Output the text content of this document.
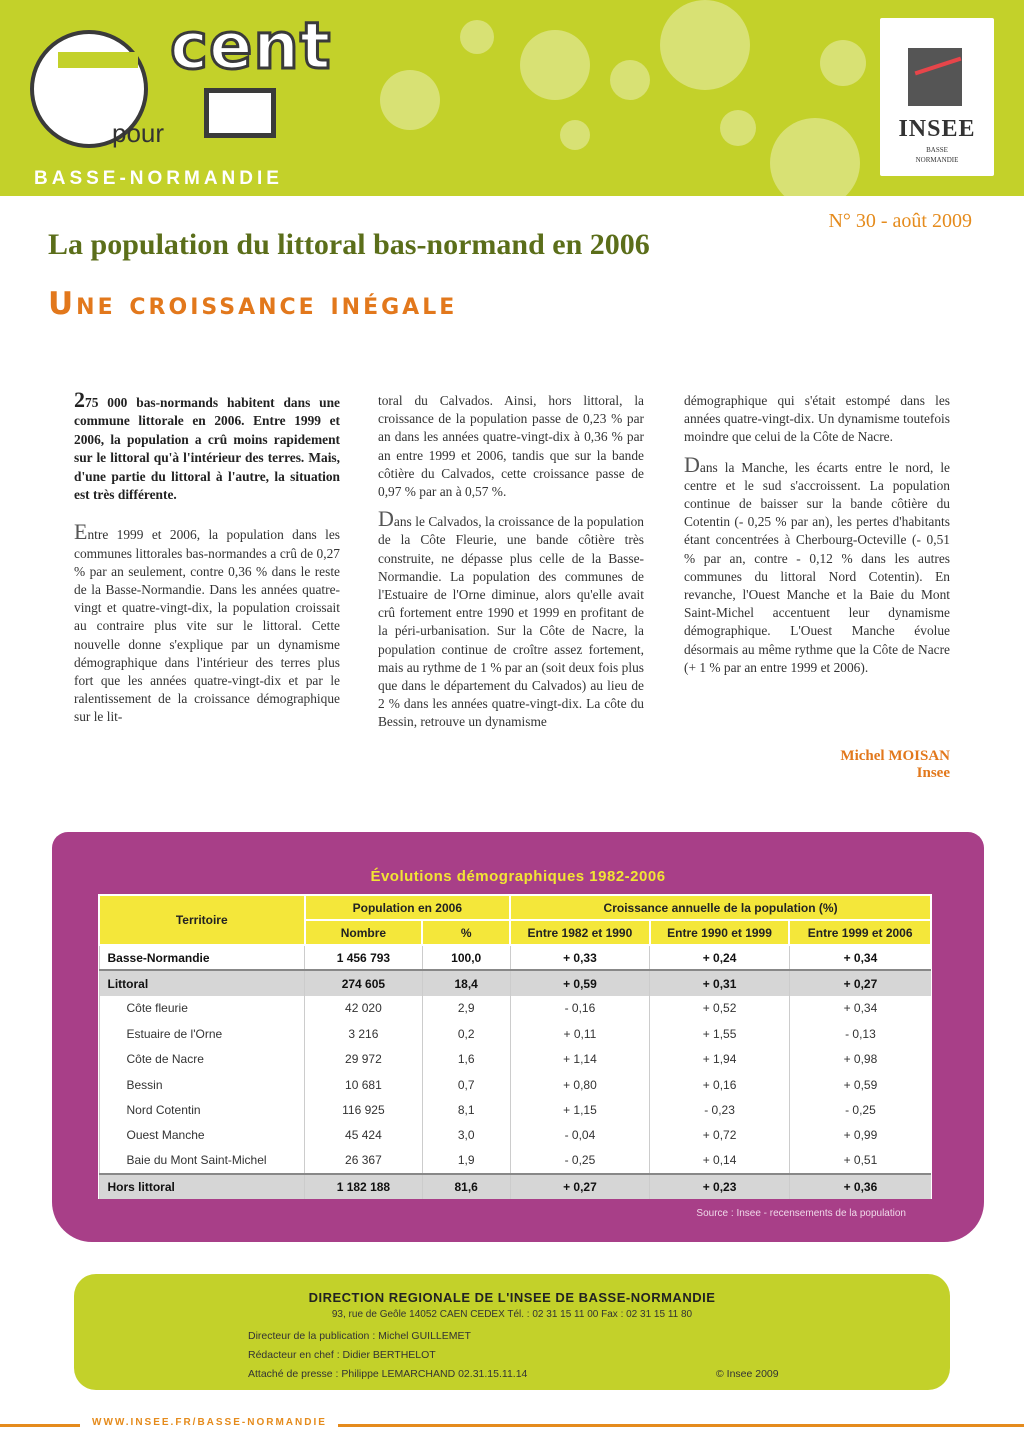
cent
pour
BASSE-NORMANDIE
INSEE
BASSE
NORMANDIE
N° 30 - août 2009
La population du littoral bas-normand en 2006
Une croissance inégale

275 000 bas-normands habitent dans une commune littorale en 2006. Entre 1999 et 2006, la population a crû moins rapidement sur le littoral qu'à l'intérieur des terres. Mais, d'une partie du littoral à l'autre, la situation est très différente.

Entre 1999 et 2006, la population dans les communes littorales bas-normandes a crû de 0,27 % par an seulement, contre 0,36 % dans le reste de la Basse-Normandie. Dans les années quatre-vingt et quatre-vingt-dix, la population croissait au contraire plus vite sur le littoral. Cette nouvelle donne s'explique par un dynamisme démographique dans l'intérieur des terres plus fort que les années quatre-vingt-dix et par le ralentissement de la croissance démographique sur le lit-

toral du Calvados. Ainsi, hors littoral, la croissance de la population passe de 0,23 % par an dans les années quatre-vingt-dix à 0,36 % par an entre 1999 et 2006, tandis que sur la bande côtière du Calvados, cette croissance passe de 0,97 % par an à 0,57 %.

Dans le Calvados, la croissance de la population de la Côte Fleurie, une bande côtière très construite, ne dépasse plus celle de la Basse-Normandie. La population des communes de l'Estuaire de l'Orne diminue, alors qu'elle avait crû fortement entre 1990 et 1999 en profitant de la péri-urbanisation. Sur la Côte de Nacre, la population continue de croître assez fortement, mais au rythme de 1 % par an (soit deux fois plus que dans le département du Calvados) au lieu de 2 % dans les années quatre-vingt-dix. La côte du Bessin, retrouve un dynamisme

démographique qui s'était estompé dans les années quatre-vingt-dix. Un dynamisme toutefois moindre que celui de la Côte de Nacre.

Dans la Manche, les écarts entre le nord, le centre et le sud s'accroissent. La population continue de baisser sur la bande côtière du Cotentin (- 0,25 % par an), les pertes d'habitants étant concentrées à Cherbourg-Octeville (- 0,51 % par an, contre - 0,12 % dans les autres communes du littoral Nord Cotentin). En revanche, l'Ouest Manche et la Baie du Mont Saint-Michel accentuent leur dynamisme démographique. L'Ouest Manche évolue désormais au même rythme que la Côte de Nacre (+ 1 % par an entre 1999 et 2006).

Michel MOISAN
Insee
Évolutions démographiques 1982-2006
Territoire	Population en 2006		Croissance annuelle de la population (%)		
	Nombre	%	Entre 1982 et 1990	Entre 1990 et 1999	Entre 1999 et 2006
Basse-Normandie	1 456 793	100,0	+ 0,33	+ 0,24	+ 0,34
Littoral	274 605	18,4	+ 0,59	+ 0,31	+ 0,27
Côte fleurie	42 020	2,9	- 0,16	+ 0,52	+ 0,34
Estuaire de l'Orne	3 216	0,2	+ 0,11	+ 1,55	- 0,13
Côte de Nacre	29 972	1,6	+ 1,14	+ 1,94	+ 0,98
Bessin	10 681	0,7	+ 0,80	+ 0,16	+ 0,59
Nord Cotentin	116 925	8,1	+ 1,15	- 0,23	- 0,25
Ouest Manche	45 424	3,0	- 0,04	+ 0,72	+ 0,99
Baie du Mont Saint-Michel	26 367	1,9	- 0,25	+ 0,14	+ 0,51
Hors littoral	1 182 188	81,6	+ 0,27	+ 0,23	+ 0,36
Source : Insee - recensements de la population
DIRECTION REGIONALE DE L'INSEE DE BASSE-NORMANDIE
93, rue de Geôle 14052 CAEN CEDEX Tél. : 02 31 15 11 00 Fax : 02 31 15 11 80
Directeur de la publication : Michel GUILLEMET
Rédacteur en chef : Didier BERTHELOT
Attaché de presse : Philippe LEMARCHAND 02.31.15.11.14	© Insee 2009
WWW.INSEE.FR/BASSE-NORMANDIE
